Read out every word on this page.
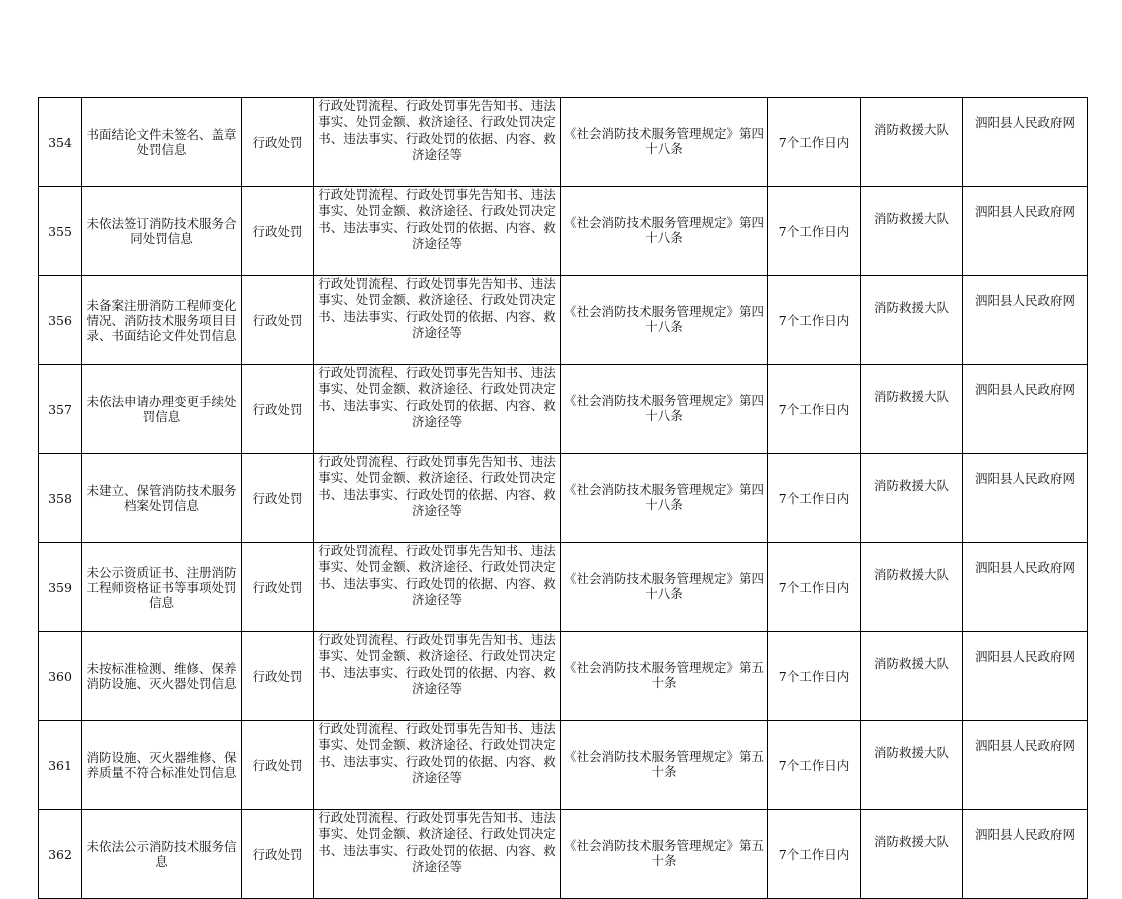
354	书面结论文件未签名、盖章处罚信息	行政处罚	行政处罚流程、行政处罚事先告知书、违法事实、处罚金额、救济途径、行政处罚决定书、违法事实、行政处罚的依据、内容、救济途径等	《社会消防技术服务管理规定》第四十八条	7个工作日内	消防救援大队	泗阳县人民政府网
355	未依法签订消防技术服务合同处罚信息	行政处罚	行政处罚流程、行政处罚事先告知书、违法事实、处罚金额、救济途径、行政处罚决定书、违法事实、行政处罚的依据、内容、救济途径等	《社会消防技术服务管理规定》第四十八条	7个工作日内	消防救援大队	泗阳县人民政府网
356	未备案注册消防工程师变化情况、消防技术服务项目目录、书面结论文件处罚信息	行政处罚	行政处罚流程、行政处罚事先告知书、违法事实、处罚金额、救济途径、行政处罚决定书、违法事实、行政处罚的依据、内容、救济途径等	《社会消防技术服务管理规定》第四十八条	7个工作日内	消防救援大队	泗阳县人民政府网
357	未依法申请办理变更手续处罚信息	行政处罚	行政处罚流程、行政处罚事先告知书、违法事实、处罚金额、救济途径、行政处罚决定书、违法事实、行政处罚的依据、内容、救济途径等	《社会消防技术服务管理规定》第四十八条	7个工作日内	消防救援大队	泗阳县人民政府网
358	未建立、保管消防技术服务档案处罚信息	行政处罚	行政处罚流程、行政处罚事先告知书、违法事实、处罚金额、救济途径、行政处罚决定书、违法事实、行政处罚的依据、内容、救济途径等	《社会消防技术服务管理规定》第四十八条	7个工作日内	消防救援大队	泗阳县人民政府网
359	未公示资质证书、注册消防工程师资格证书等事项处罚信息	行政处罚	行政处罚流程、行政处罚事先告知书、违法事实、处罚金额、救济途径、行政处罚决定书、违法事实、行政处罚的依据、内容、救济途径等	《社会消防技术服务管理规定》第四十八条	7个工作日内	消防救援大队	泗阳县人民政府网
360	未按标准检测、维修、保养消防设施、灭火器处罚信息	行政处罚	行政处罚流程、行政处罚事先告知书、违法事实、处罚金额、救济途径、行政处罚决定书、违法事实、行政处罚的依据、内容、救济途径等	《社会消防技术服务管理规定》第五十条	7个工作日内	消防救援大队	泗阳县人民政府网
361	消防设施、灭火器维修、保养质量不符合标准处罚信息	行政处罚	行政处罚流程、行政处罚事先告知书、违法事实、处罚金额、救济途径、行政处罚决定书、违法事实、行政处罚的依据、内容、救济途径等	《社会消防技术服务管理规定》第五十条	7个工作日内	消防救援大队	泗阳县人民政府网
362	未依法公示消防技术服务信息	行政处罚	行政处罚流程、行政处罚事先告知书、违法事实、处罚金额、救济途径、行政处罚决定书、违法事实、行政处罚的依据、内容、救济途径等	《社会消防技术服务管理规定》第五十条	7个工作日内	消防救援大队	泗阳县人民政府网
